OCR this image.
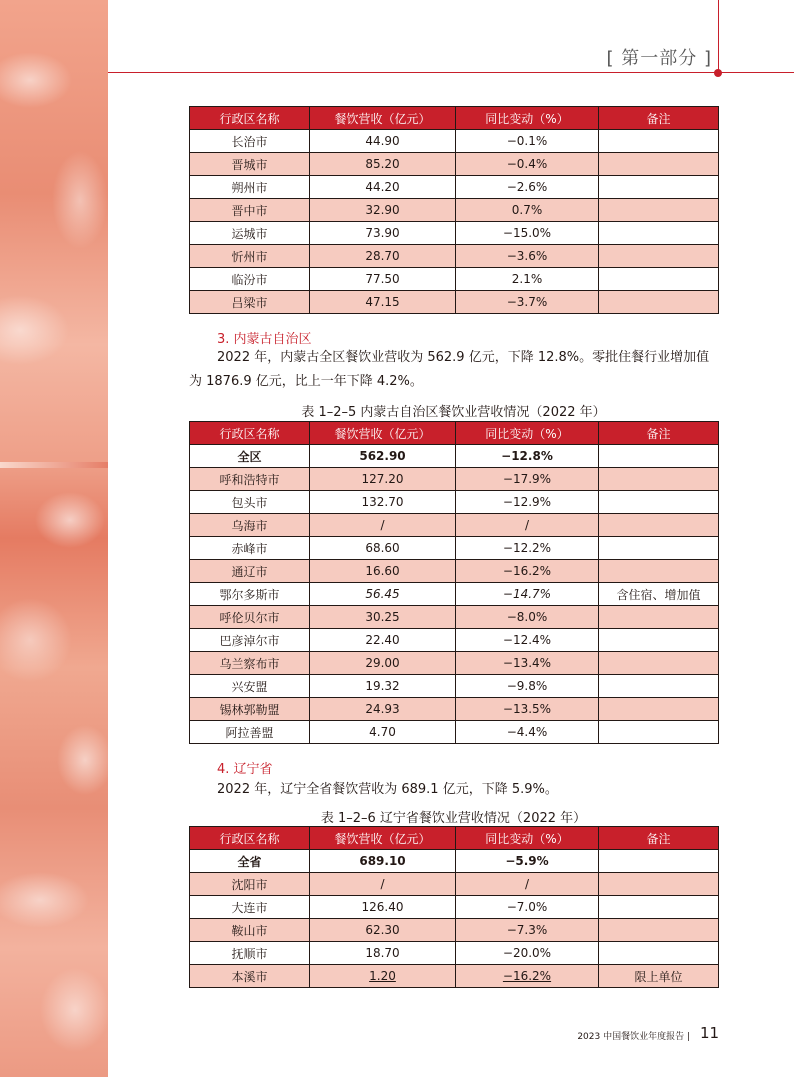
[ 第一部分 ]
行政区名称	餐饮营收（亿元）	同比变动（%）	备注
长治市	44.90	−0.1%	
晋城市	85.20	−0.4%	
朔州市	44.20	−2.6%	
晋中市	32.90	0.7%	
运城市	73.90	−15.0%	
忻州市	28.70	−3.6%	
临汾市	77.50	2.1%	
吕梁市	47.15	−3.7%	
3. 内蒙古自治区
2022 年，内蒙古全区餐饮业营收为 562.9 亿元，下降 12.8%。零批住餐行业增加值为 1876.9 亿元，比上一年下降 4.2%。
表 1–2–5 内蒙古自治区餐饮业营收情况（2022 年）
行政区名称	餐饮营收（亿元）	同比变动（%）	备注
全区	562.90	−12.8%	
呼和浩特市	127.20	−17.9%	
包头市	132.70	−12.9%	
乌海市	/	/	
赤峰市	68.60	−12.2%	
通辽市	16.60	−16.2%	
鄂尔多斯市	56.45	−14.7%	含住宿、增加值
呼伦贝尔市	30.25	−8.0%	
巴彦淖尔市	22.40	−12.4%	
乌兰察布市	29.00	−13.4%	
兴安盟	19.32	−9.8%	
锡林郭勒盟	24.93	−13.5%	
阿拉善盟	4.70	−4.4%	
4. 辽宁省
2022 年，辽宁全省餐饮营收为 689.1 亿元，下降 5.9%。
表 1–2–6 辽宁省餐饮业营收情况（2022 年）
行政区名称	餐饮营收（亿元）	同比变动（%）	备注
全省	689.10	−5.9%	
沈阳市	/	/	
大连市	126.40	−7.0%	
鞍山市	62.30	−7.3%	
抚顺市	18.70	−20.0%	
本溪市	1.20	−16.2%	限上单位
2023 中国餐饮业年度报告 | 11
